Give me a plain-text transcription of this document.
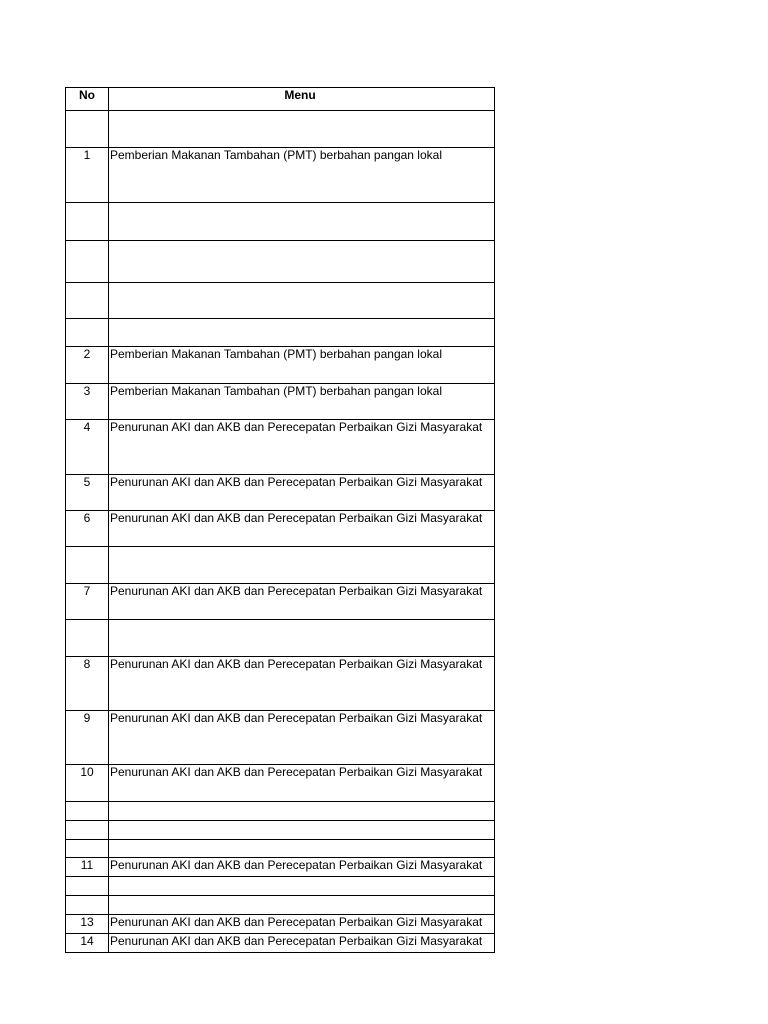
No	Menu
1	Pemberian Makanan Tambahan (PMT) berbahan pangan lokal
2	Pemberian Makanan Tambahan (PMT) berbahan pangan lokal
3	Pemberian Makanan Tambahan (PMT) berbahan pangan lokal
4	Penurunan AKI dan AKB dan Perecepatan Perbaikan Gizi Masyarakat
5	Penurunan AKI dan AKB dan Perecepatan Perbaikan Gizi Masyarakat
6	Penurunan AKI dan AKB dan Perecepatan Perbaikan Gizi Masyarakat
7	Penurunan AKI dan AKB dan Perecepatan Perbaikan Gizi Masyarakat
8	Penurunan AKI dan AKB dan Perecepatan Perbaikan Gizi Masyarakat
9	Penurunan AKI dan AKB dan Perecepatan Perbaikan Gizi Masyarakat
10	Penurunan AKI dan AKB dan Perecepatan Perbaikan Gizi Masyarakat
11	Penurunan AKI dan AKB dan Perecepatan Perbaikan Gizi Masyarakat
13	Penurunan AKI dan AKB dan Perecepatan Perbaikan Gizi Masyarakat
14	Penurunan AKI dan AKB dan Perecepatan Perbaikan Gizi Masyarakat
